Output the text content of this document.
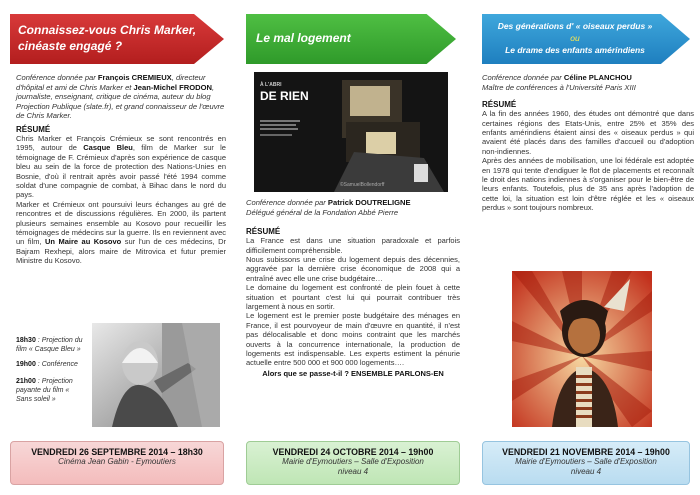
Connaissez-vous Chris Marker,
cinéaste engagé ?
Conférence donnée par François CREMIEUX, directeur d'hôpital et ami de Chris Marker et Jean-Michel FRODON, journaliste, enseignant, critique de cinéma, auteur du blog Projection Publique (slate.fr), et grand connaisseur de l'œuvre de Chris Marker.
RÉSUMÉ
Chris Marker et François Crémieux se sont rencontrés en 1995, autour de Casque Bleu, film de Marker sur le témoignage de F. Crémieux d'après son expérience de casque bleu au sein de la force de protection des Nations-Unies en Bosnie, d'où il rentrait après avoir passé l'été 1994 comme soldat d'une compagnie de combat, à Bihac dans le nord du pays.
Marker et Crémieux ont poursuivi leurs échanges au gré de rencontres et de discussions régulières. En 2000, ils partent plusieurs semaines ensemble au Kosovo pour recueillir les témoignages de médecins sur la guerre. Ils en reviennent avec un film, Un Maire au Kosovo sur l'un de ces médecins, Dr Bajram Rexhepi, alors maire de Mitrovica et futur premier Ministre du Kosovo.
18h30 : Projection du film « Casque Bleu »
19h00 : Conférence
21h00 : Projection payante du film « Sans soleil »
VENDREDI 26 SEPTEMBRE 2014 – 18h30
Cinéma Jean Gabin - Eymoutiers
Le mal logement
À L'ABRI
DE RIEN
©SamuelBollendorff
Conférence donnée par Patrick DOUTRELIGNE
Délégué général de la Fondation Abbé Pierre
RÉSUMÉ
La France est dans une situation paradoxale et parfois difficilement compréhensible.
Nous subissons une crise du logement depuis des décennies, aggravée par la dernière crise économique de 2008 qui a entraîné avec elle une crise budgétaire…
Le domaine du logement est confronté de plein fouet à cette situation et pourtant c'est lui qui pourrait contribuer très largement à nous en sortir.
Le logement est le premier poste budgétaire des ménages en France, il est pourvoyeur de main d'œuvre en quantité, il n'est pas délocalisable et donc moins contraint que les marchés ouverts à la concurrence internationale, la production de logements est indispensable. Les experts estiment la pénurie actuelle entre 500 000 et 900 000 logements….
Alors que se passe-t-il ? ENSEMBLE PARLONS-EN
VENDREDI 24 OCTOBRE 2014 – 19h00
Mairie d'Eymoutiers – Salle d'Exposition
niveau 4
Des générations d' « oiseaux perdus »
ou
Le drame des enfants amérindiens
Conférence donnée par Céline PLANCHOU
Maître de conférences à l'Université Paris XIII
RÉSUMÉ
A la fin des années 1960, des études ont démontré que dans certaines régions des Etats-Unis, entre 25% et 35% des enfants amérindiens étaient ainsi des « oiseaux perdus » qui avaient été placés dans des familles d'accueil ou d'adoption non-indiennes.
Après des années de mobilisation, une loi fédérale est adoptée en 1978 qui tente d'endiguer le flot de placements et reconnaît le droit des nations indiennes à s'organiser pour le bien-être de leurs enfants. Toutefois, plus de 35 ans après l'adoption de cette loi, la situation est loin d'être réglée et les « oiseaux perdus » sont toujours nombreux.
VENDREDI 21 NOVEMBRE 2014 – 19h00
Mairie d'Eymoutiers – Salle d'Exposition
niveau 4
